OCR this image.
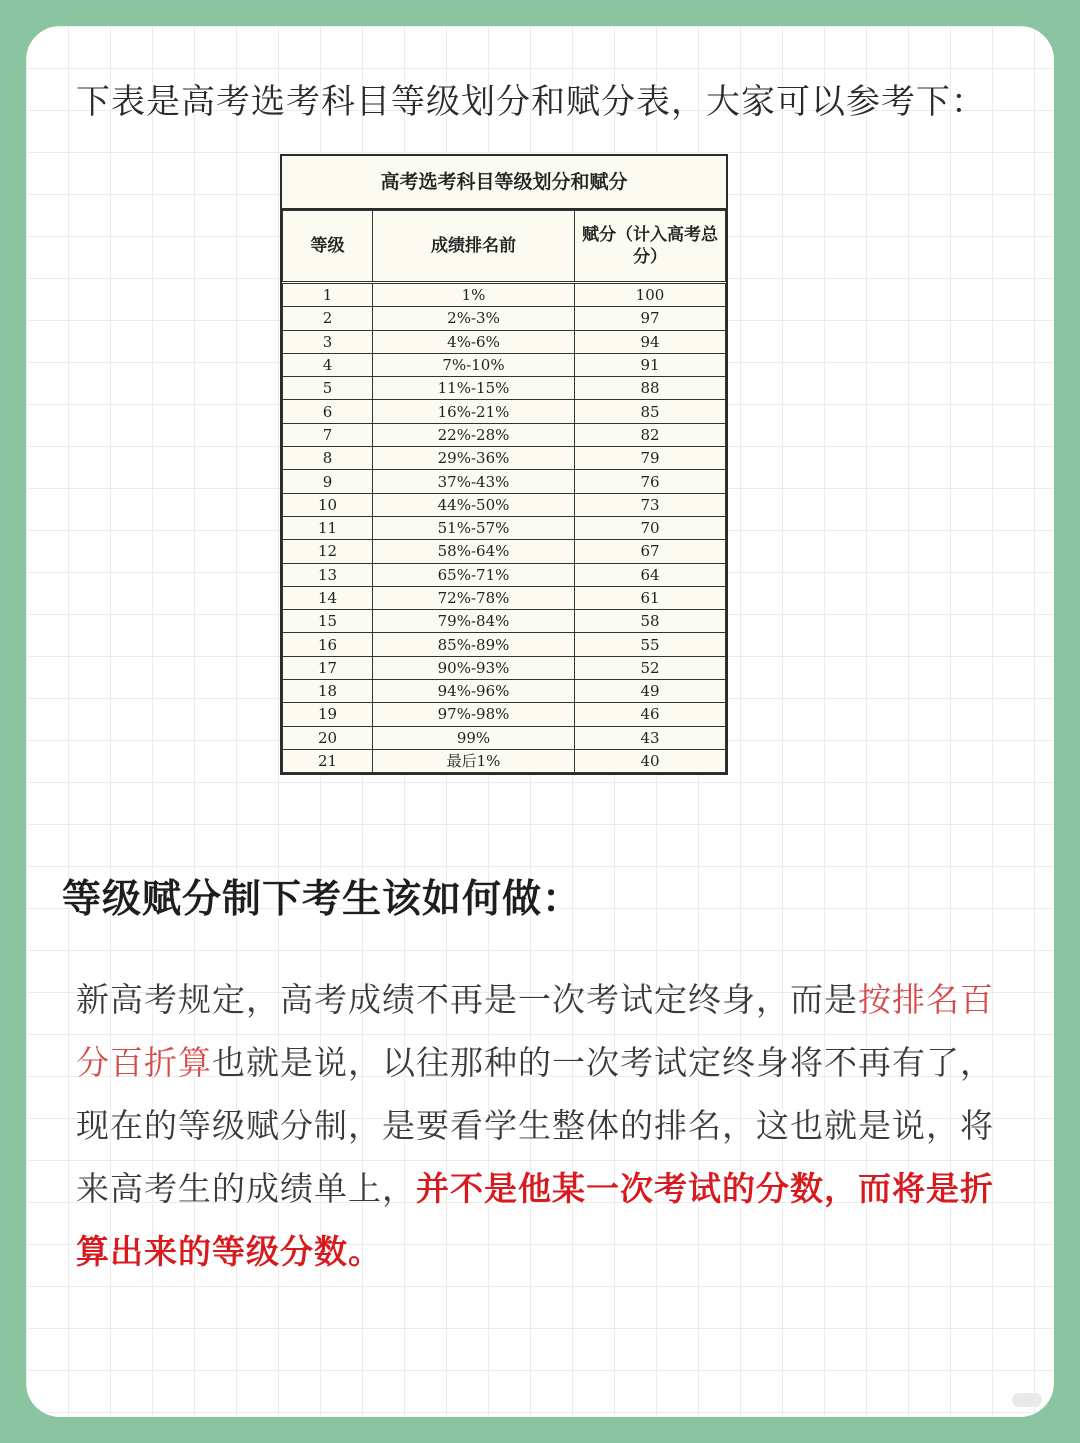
下表是高考选考科目等级划分和赋分表，大家可以参考下：

高考选考科目等级划分和赋分
等级	成绩排名前	赋分（计入高考总分）
1	1%	100
2	2%-3%	97
3	4%-6%	94
4	7%-10%	91
5	11%-15%	88
6	16%-21%	85
7	22%-28%	82
8	29%-36%	79
9	37%-43%	76
10	44%-50%	73
11	51%-57%	70
12	58%-64%	67
13	65%-71%	64
14	72%-78%	61
15	79%-84%	58
16	85%-89%	55
17	90%-93%	52
18	94%-96%	49
19	97%-98%	46
20	99%	43
21	最后1%	40
等级赋分制下考生该如何做：

新高考规定，高考成绩不再是一次考试定终身，而是按排名百分百折算也就是说，以往那种的一次考试定终身将不再有了，现在的等级赋分制，是要看学生整体的排名，这也就是说，将来高考生的成绩单上，并不是他某一次考试的分数，而将是折算出来的等级分数。
